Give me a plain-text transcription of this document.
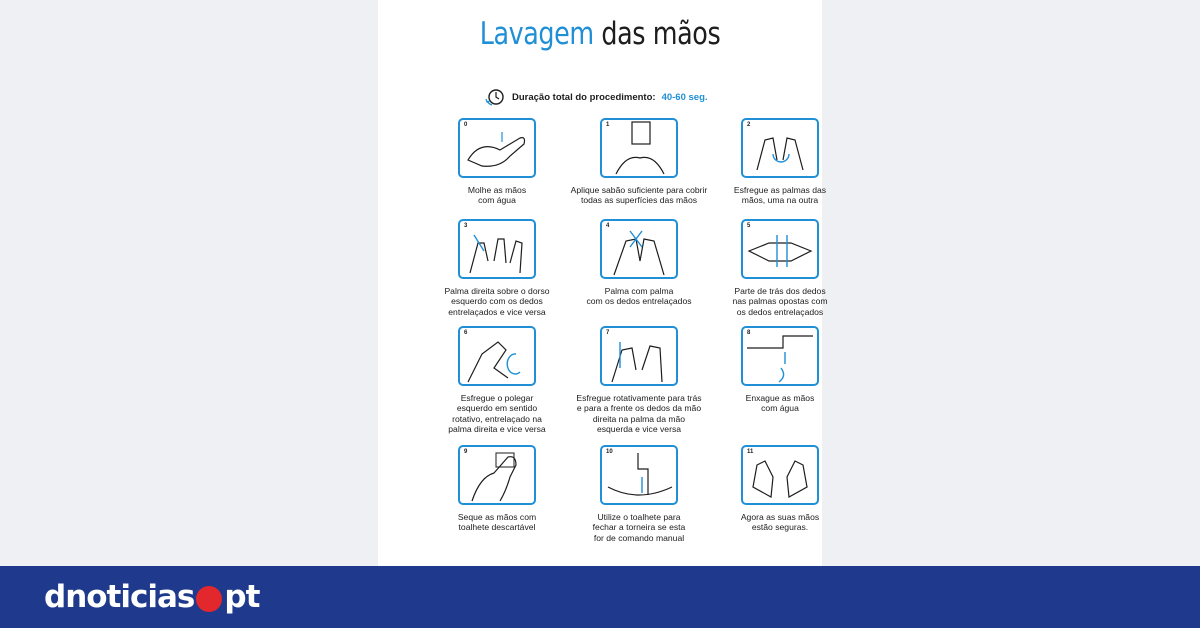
Lavagem das mãos
Duração total do procedimento: 40-60 seg.
0
Molhe as mãos
com água
1
Aplique sabão suficiente para cobrir
todas as superfícies das mãos
2
Esfregue as palmas das
mãos, uma na outra
3
Palma direita sobre o dorso
esquerdo com os dedos
entrelaçados e vice versa
4
Palma com palma
com os dedos entrelaçados
5
Parte de trás dos dedos
nas palmas opostas com
os dedos entrelaçados
6
Esfregue o polegar
esquerdo em sentido
rotativo, entrelaçado na
palma direita e vice versa
7
Esfregue rotativamente para trás
e para a frente os dedos da mão
direita na palma da mão
esquerda e vice versa
8
Enxague as mãos
com água
9
Seque as mãos com
toalhete descartável
10
Utilize o toalhete para
fechar a torneira se esta
for de comando manual
11
Agora as suas mãos
estão seguras.
dnoticias pt
